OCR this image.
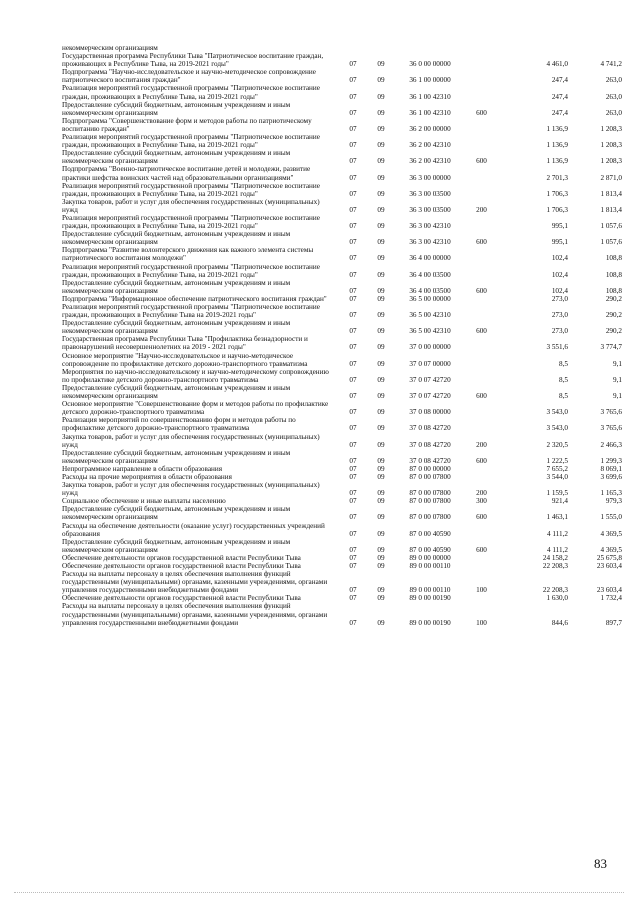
некоммерческим организациям
Государственная программа Республики Тыва "Патриотическое воспитание граждан, проживающих в Республике Тыва, на 2019-2021 годы"	07	09	36 0 00 00000	4 461,0	4 741,2
Подпрограмма "Научно-исследовательское и научно-методическое сопровождение патриотического воспитания граждан"	07	09	36 1 00 00000	247,4	263,0
Реализация мероприятий государственной программы "Патриотическое воспитание граждан, проживающих в Республике Тыва, на 2019-2021 годы"	07	09	36 1 00 42310	247,4	263,0
Предоставление субсидий бюджетным, автономным учреждениям и иным некоммерческим организациям	07	09	36 1 00 42310	600	247,4	263,0
Подпрограмма "Совершенствование форм и методов работы по патриотическому воспитанию граждан"	07	09	36 2 00 00000	1 136,9	1 208,3
Реализация мероприятий государственной программы "Патриотическое воспитание граждан, проживающих в Республике Тыва, на 2019-2021 годы"	07	09	36 2 00 42310	1 136,9	1 208,3
Предоставление субсидий бюджетным, автономным учреждениям и иным некоммерческим организациям	07	09	36 2 00 42310	600	1 136,9	1 208,3
Подпрограмма "Военно-патриотическое воспитание детей и молодежи, развитие практики шефства воинских частей над образовательными организациями"	07	09	36 3 00 00000	2 701,3	2 871,0
Реализация мероприятий государственной программы "Патриотическое воспитание граждан, проживающих в Республике Тыва, на 2019-2021 годы"	07	09	36 3 00 03500	1 706,3	1 813,4
Закупка товаров, работ и услуг для обеспечения государственных (муниципальных) нужд	07	09	36 3 00 03500	200	1 706,3	1 813,4
Реализация мероприятий государственной программы "Патриотическое воспитание граждан, проживающих в Республике Тыва, на 2019-2021 годы"	07	09	36 3 00 42310	995,1	1 057,6
Предоставление субсидий бюджетным, автономным учреждениям и иным некоммерческим организациям	07	09	36 3 00 42310	600	995,1	1 057,6
Подпрограмма "Развитие волонтерского движения как важного элемента системы патриотического воспитания молодежи"	07	09	36 4 00 00000	102,4	108,8
Реализация мероприятий государственной программы "Патриотическое воспитание граждан, проживающих в Республике Тыва, на 2019-2021 годы"	07	09	36 4 00 03500	102,4	108,8
Предоставление субсидий бюджетным, автономным учреждениям и иным некоммерческим организациям	07	09	36 4 00 03500	600	102,4	108,8
Подпрограмма "Информационное обеспечение патриотического воспитания граждан"	07	09	36 5 00 00000	273,0	290,2
Реализация мероприятий государственной программы "Патриотическое воспитание граждан, проживающих в Республике Тыва на 2019-2021 годы"	07	09	36 5 00 42310	273,0	290,2
Предоставление субсидий бюджетным, автономным учреждениям и иным некоммерческим организациям	07	09	36 5 00 42310	600	273,0	290,2
Государственная программа Республики Тыва "Профилактика безнадзорности и правонарушений несовершеннолетних на 2019 - 2021 годы"	07	09	37 0 00 00000	3 551,6	3 774,7
Основное мероприятие "Научно-исследовательское и научно-методическое сопровождение по профилактике детского дорожно-транспортного травматизма	07	09	37 0 07 00000	8,5	9,1
Мероприятия по научно-исследовательскому и научно-методическому сопровождению по профилактике детского дорожно-транспортного травматизма	07	09	37 0 07 42720	8,5	9,1
Предоставление субсидий бюджетным, автономным учреждениям и иным некоммерческим организациям	07	09	37 0 07 42720	600	8,5	9,1
Основное мероприятие "Совершенствование форм и методов работы по профилактике детского дорожно-транспортного травматизма	07	09	37 0 08 00000	3 543,0	3 765,6
Реализация мероприятий по совершенствованию форм и методов работы по профилактике детского дорожно-транспортного травматизма	07	09	37 0 08 42720	3 543,0	3 765,6
Закупка товаров, работ и услуг для обеспечения государственных (муниципальных) нужд	07	09	37 0 08 42720	200	2 320,5	2 466,3
Предоставление субсидий бюджетным, автономным учреждениям и иным некоммерческим организациям	07	09	37 0 08 42720	600	1 222,5	1 299,3
Непрограммное направление в области образования	07	09	87 0 00 00000	7 655,2	8 069,1
Расходы на прочие мероприятия в области образования	07	09	87 0 00 07800	3 544,0	3 699,6
Закупка товаров, работ и услуг для обеспечения государственных (муниципальных) нужд	07	09	87 0 00 07800	200	1 159,5	1 165,3
Социальное обеспечение и иные выплаты населению	07	09	87 0 00 07800	300	921,4	979,3
Предоставление субсидий бюджетным, автономным учреждениям и иным некоммерческим организациям	07	09	87 0 00 07800	600	1 463,1	1 555,0
Расходы на обеспечение деятельности (оказание услуг) государственных учреждений образования	07	09	87 0 00 40590	4 111,2	4 369,5
Предоставление субсидий бюджетным, автономным учреждениям и иным некоммерческим организациям	07	09	87 0 00 40590	600	4 111,2	4 369,5
Обеспечение деятельности органов государственной власти Республики Тыва	07	09	89 0 00 00000	24 158,2	25 675,8
Обеспечение деятельности органов государственной власти Республики Тыва	07	09	89 0 00 00110	22 208,3	23 603,4
Расходы на выплаты персоналу в целях обеспечения выполнения функций государственными (муниципальными) органами, казенными учреждениями, органами управления государственными внебюджетными фондами	07	09	89 0 00 00110	100	22 208,3	23 603,4
Обеспечение деятельности органов государственной власти Республики Тыва	07	09	89 0 00 00190	1 630,0	1 732,4
Расходы на выплаты персоналу в целях обеспечения выполнения функций государственными (муниципальными) органами, казенными учреждениями, органами управления государственными внебюджетными фондами	07	09	89 0 00 00190	100	844,6	897,7
83
